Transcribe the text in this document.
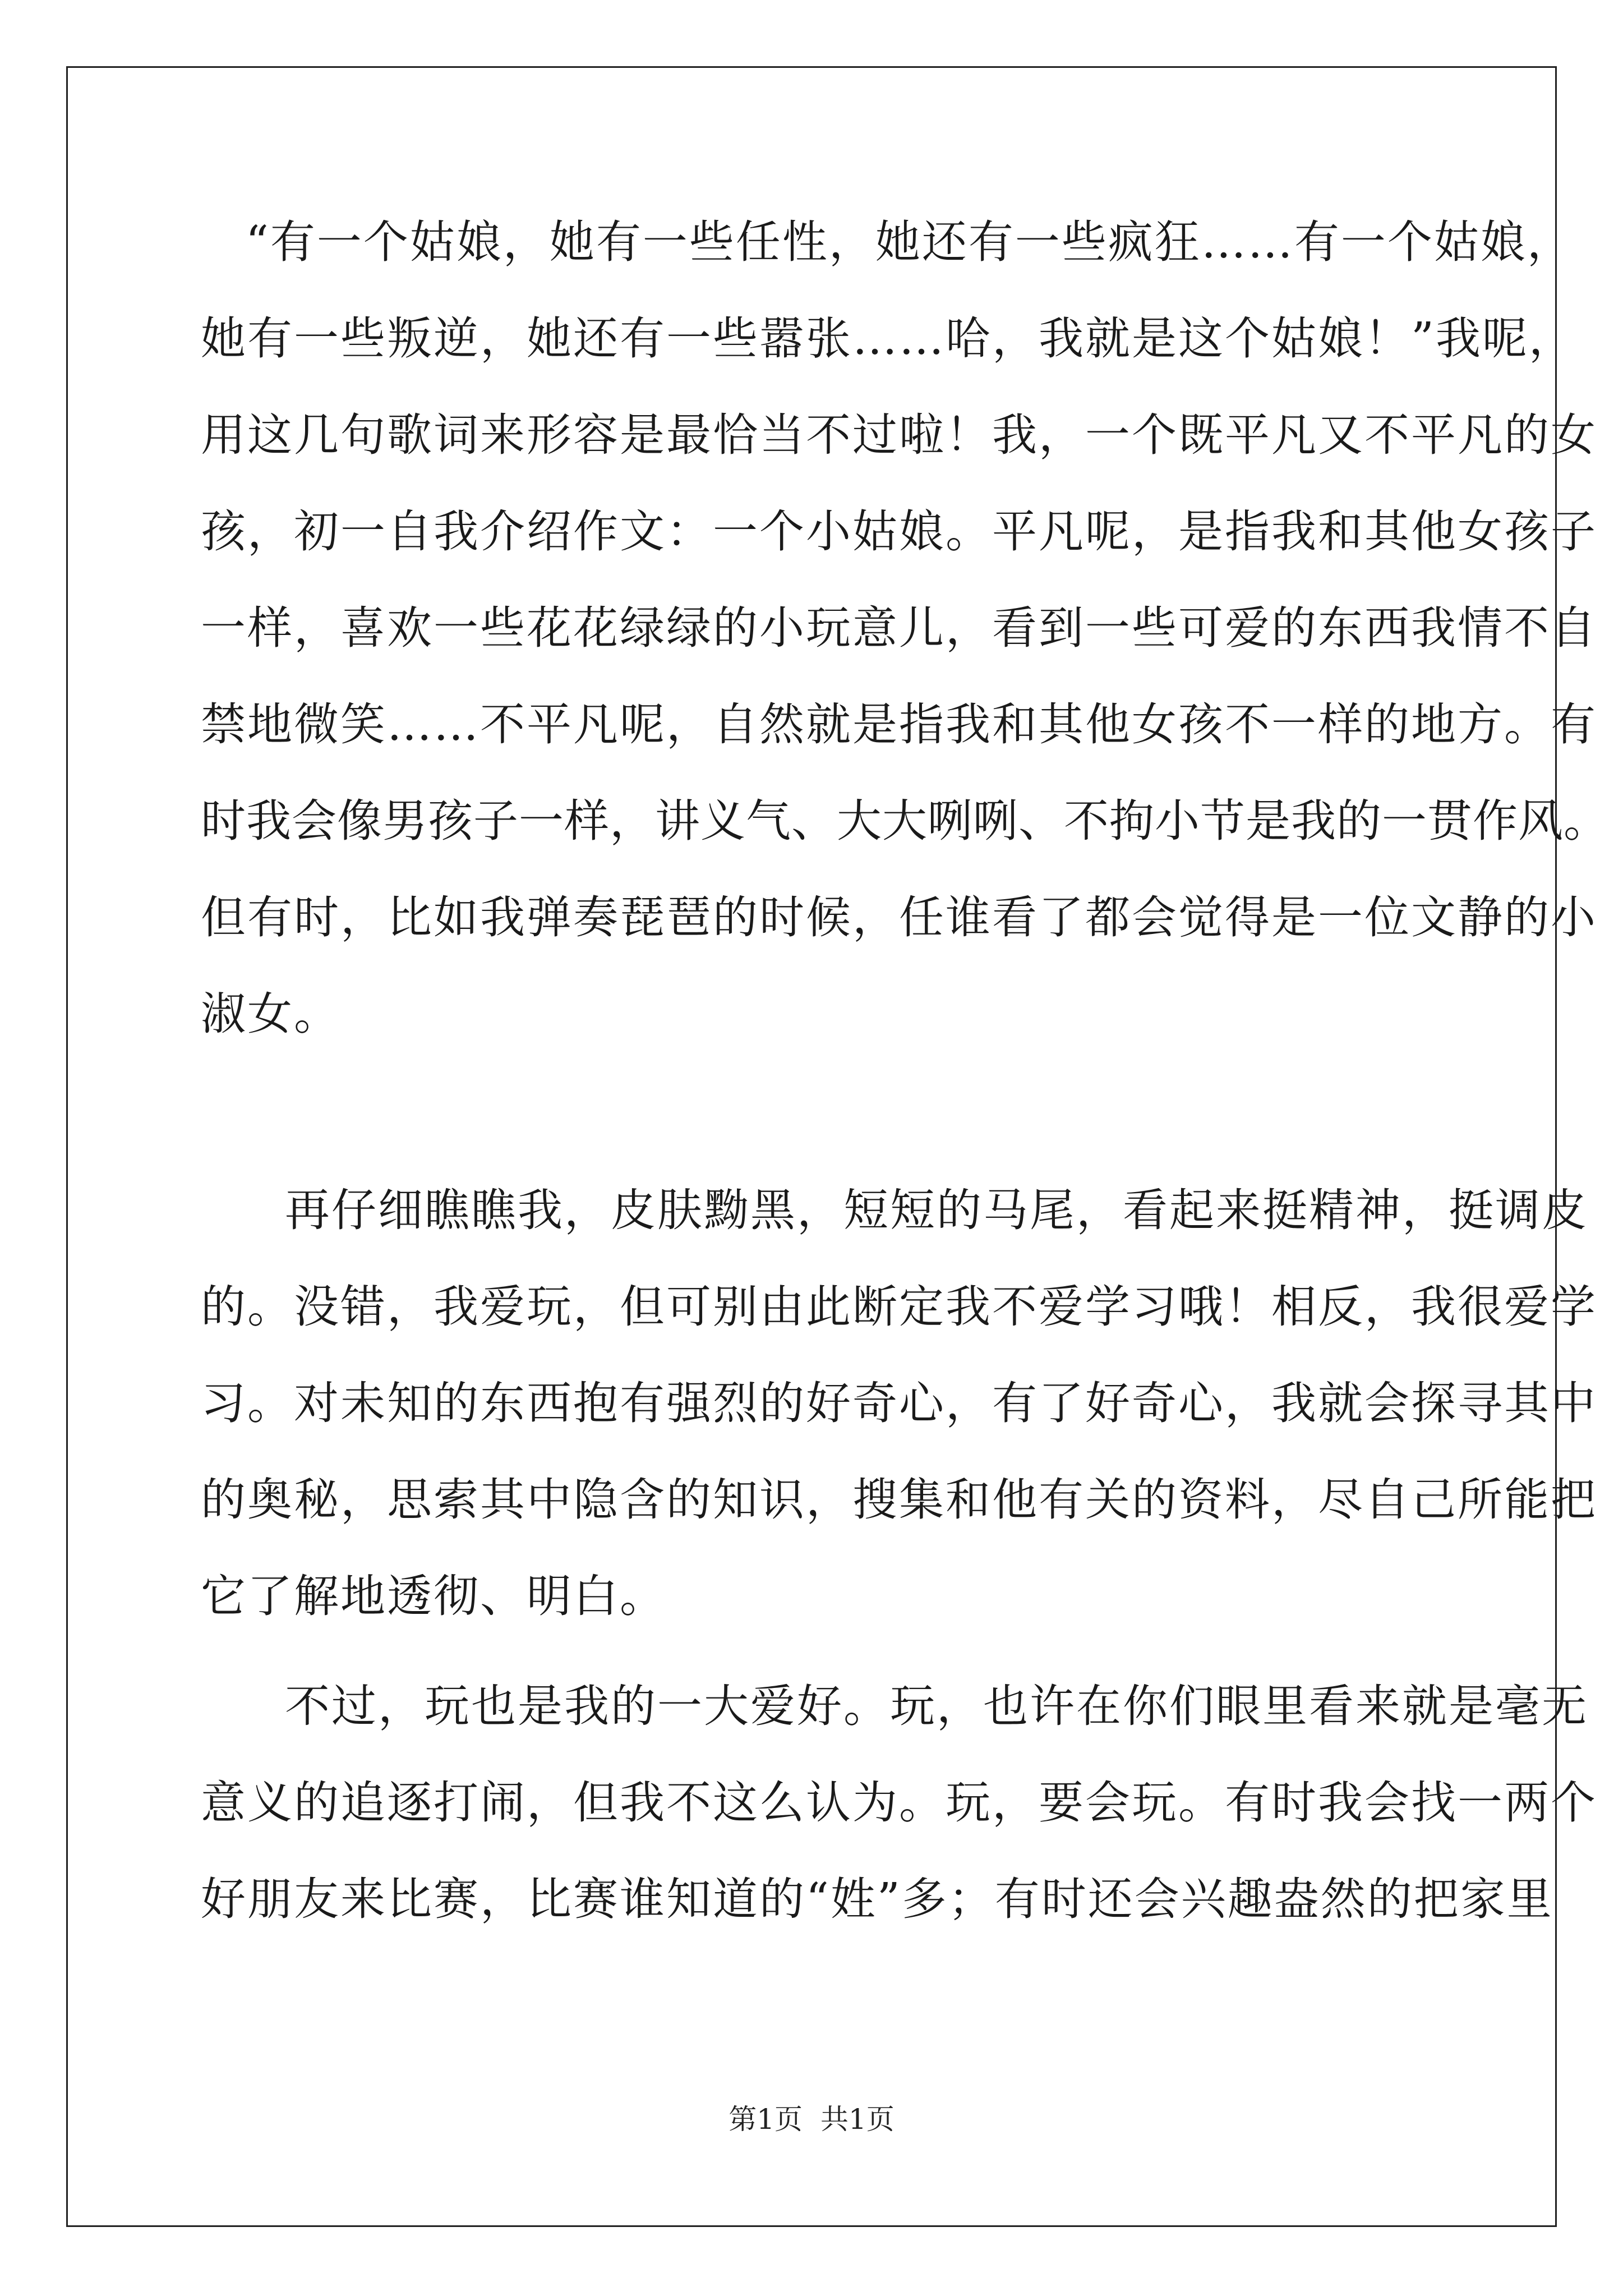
“有一个姑娘，她有一些任性，她还有一些疯狂……有一个姑娘，
她有一些叛逆，她还有一些嚣张……哈，我就是这个姑娘！”我呢，
用这几句歌词来形容是最恰当不过啦！我，一个既平凡又不平凡的女
孩，初一自我介绍作文：一个小姑娘。平凡呢，是指我和其他女孩子
一样，喜欢一些花花绿绿的小玩意儿，看到一些可爱的东西我情不自
禁地微笑……不平凡呢，自然就是指我和其他女孩不一样的地方。有
时我会像男孩子一样，讲义气、大大咧咧、不拘小节是我的一贯作风。
但有时，比如我弹奏琵琶的时候，任谁看了都会觉得是一位文静的小
淑女。
再仔细瞧瞧我，皮肤黝黑，短短的马尾，看起来挺精神，挺调皮
的。没错，我爱玩，但可别由此断定我不爱学习哦！相反，我很爱学
习。对未知的东西抱有强烈的好奇心，有了好奇心，我就会探寻其中
的奥秘，思索其中隐含的知识，搜集和他有关的资料，尽自己所能把
它了解地透彻、明白。
不过，玩也是我的一大爱好。玩，也许在你们眼里看来就是毫无
意义的追逐打闹，但我不这么认为。玩，要会玩。有时我会找一两个
好朋友来比赛，比赛谁知道的“姓”多；有时还会兴趣盎然的把家里
第1页 共1页
